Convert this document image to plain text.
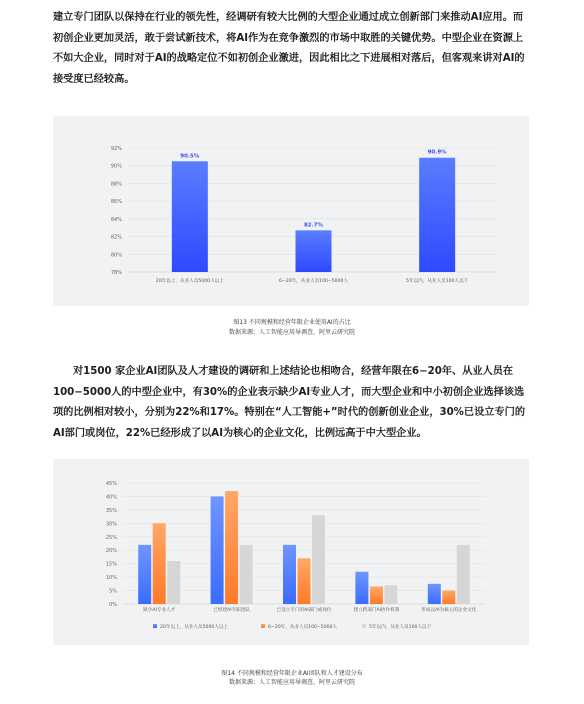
建立专门团队以保持在行业的领先性，经调研有较大比例的大型企业通过成立创新部门来推动AI应用。而初创企业更加灵活，敢于尝试新技术，将AI作为在竞争激烈的市场中取胜的关键优势。中型企业在资源上不如大企业，同时对于AI的战略定位不如初创企业激进，因此相比之下进展相对落后，但客观来讲对AI的接受度已经较高。

78%
80%
82%
84%
86%
88%
90%
92%
90.5%
20年以上，从业人员5000人以上
82.7%
6−20年，从业人员100−5000人
90.9%
5年以内，从业人员100人以下

图13 不同规模和经营年限企业使用AI的占比

数据来源：人工智能应用导调查，阿里云研究院

对1500 家企业AI团队及人才建设的调研和上述结论也相吻合，经营年限在6−20年、从业人员在100−5000人的中型企业中，有30%的企业表示缺少AI专业人才，而大型企业和中小初创企业选择该选项的比例相对较小，分别为22%和17%。特别在“人工智能+”时代的创新创业企业，30%已设立专门的AI部门或岗位，22%已经形成了以AI为核心的企业文化，比例远高于中大型企业。

0%
5%
10%
15%
20%
25%
30%
35%
40%
45%
缺少AI专业人才	已组建AI专职团队	已设立专门的AI部门或岗位	建立跨部门AI协作机制	形成以AI为核心的企业文化
20年以上，从业人员5000人以上	6−20年，从业人员100−5000人	5年以内，从业人员100人以下

图14 不同规模和经营年限企业AI团队和人才建设分布

数据来源：人工智能应用导调查，阿里云研究院
